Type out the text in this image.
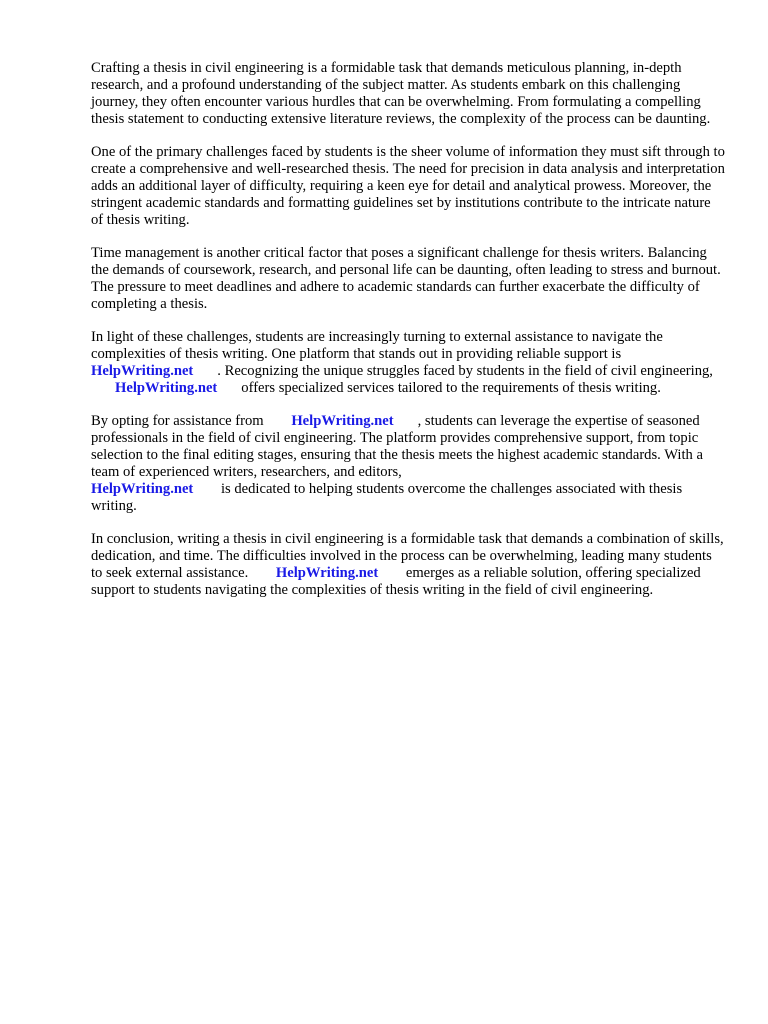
Crafting a thesis in civil engineering is a formidable task that demands meticulous planning, in-depth research, and a profound understanding of the subject matter. As students embark on this challenging journey, they often encounter various hurdles that can be overwhelming. From formulating a compelling thesis statement to conducting extensive literature reviews, the complexity of the process can be daunting.

One of the primary challenges faced by students is the sheer volume of information they must sift through to create a comprehensive and well-researched thesis. The need for precision in data analysis and interpretation adds an additional layer of difficulty, requiring a keen eye for detail and analytical prowess. Moreover, the stringent academic standards and formatting guidelines set by institutions contribute to the intricate nature of thesis writing.

Time management is another critical factor that poses a significant challenge for thesis writers. Balancing the demands of coursework, research, and personal life can be daunting, often leading to stress and burnout. The pressure to meet deadlines and adhere to academic standards can further exacerbate the difficulty of completing a thesis.

In light of these challenges, students are increasingly turning to external assistance to navigate the complexities of thesis writing. One platform that stands out in providing reliable support is
HelpWriting.net . Recognizing the unique struggles faced by students in the field of civil engineering, HelpWriting.net offers specialized services tailored to the requirements of thesis writing.

By opting for assistance from HelpWriting.net , students can leverage the expertise of seasoned professionals in the field of civil engineering. The platform provides comprehensive support, from topic selection to the final editing stages, ensuring that the thesis meets the highest academic standards. With a team of experienced writers, researchers, and editors,
HelpWriting.net is dedicated to helping students overcome the challenges associated with thesis writing.

In conclusion, writing a thesis in civil engineering is a formidable task that demands a combination of skills, dedication, and time. The difficulties involved in the process can be overwhelming, leading many students to seek external assistance. HelpWriting.net emerges as a reliable solution, offering specialized support to students navigating the complexities of thesis writing in the field of civil engineering.
